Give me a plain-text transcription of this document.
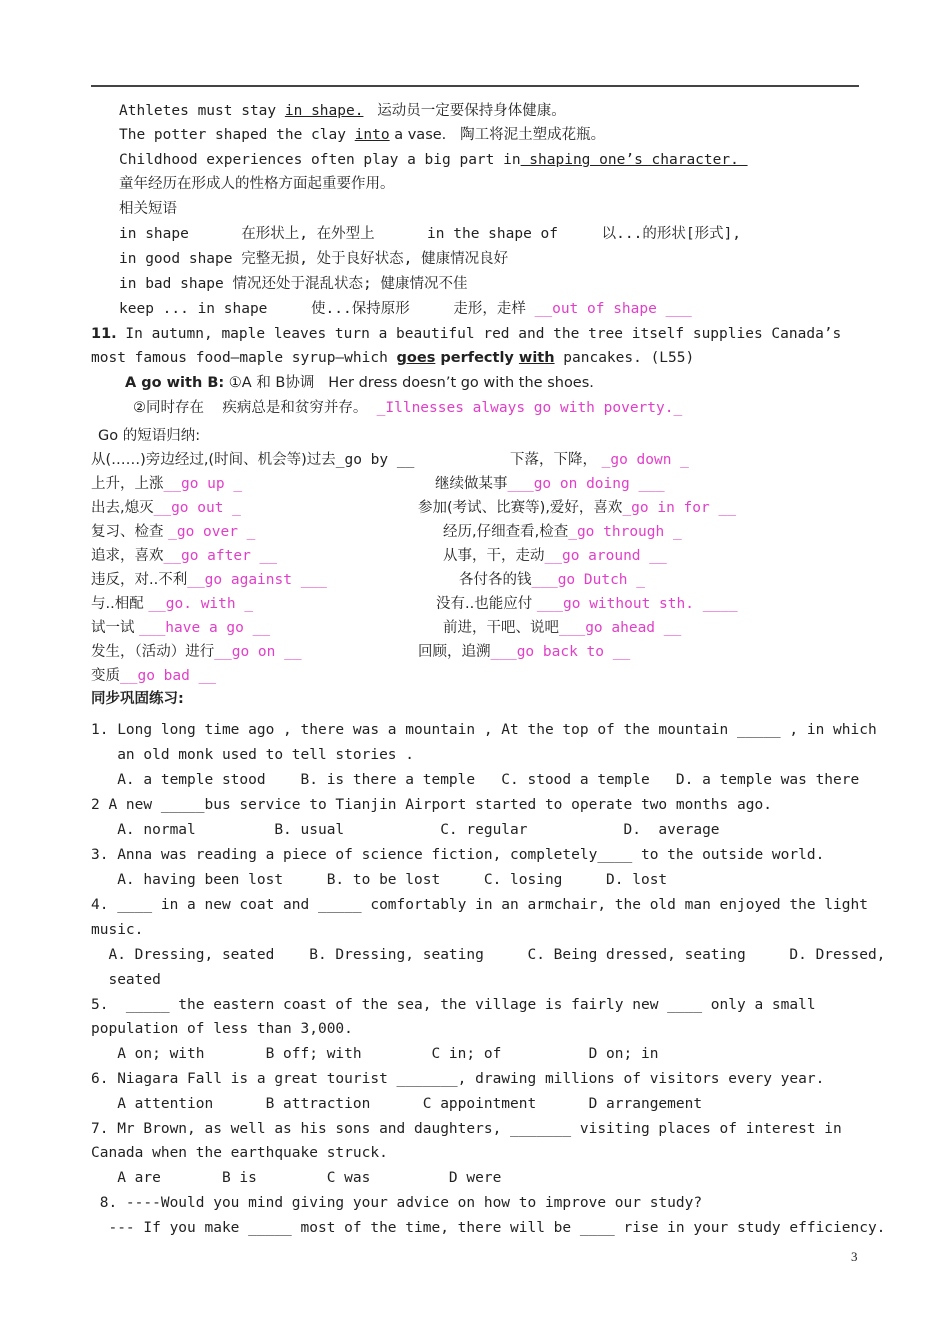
Athletes must stay in shape.   运动员一定要保持身体健康。
The potter shaped the clay into a vase.   陶工将泥土塑成花瓶。
Childhood experiences often play a big part in shaping one’s character.
童年经历在形成人的性格方面起重要作用。
相关短语
in shape      在形状上, 在外型上      in the shape of     以...的形状[形式],
in good shape 完整无损, 处于良好状态, 健康情况良好
in bad shape 情况还处于混乱状态; 健康情况不佳
keep ... in shape     使...保持原形     走形，走样 __out of shape ___
11. In autumn, maple leaves turn a beautiful red and the tree itself supplies Canada’s
most famous food—maple syrup—which goes perfectly with pancakes. (L55)
A go with B: ①A 和 B协调   Her dress doesn’t go with the shoes.
②同时存在    疾病总是和贫穷并存。  _Illnesses always go with poverty._
Go 的短语归纳:
从(……)旁边经过,(时间、机会等)过去_go by __
上升，上涨__go up _
出去,熄灭__go out _
复习、检查 _go over _
追求，喜欢__go after __
违反，对..不利__go against ___
与..相配 __go. with _
试一试 ___have a go __
发生，（活动）进行__go on __
变质__go bad __
下落，下降， _go down _
继续做某事___go on doing ___
参加(考试、比赛等),爱好，喜欢_go in for __
经历,仔细查看,检查_go through _
从事，干，走动__go around __
各付各的钱___go Dutch _
没有..也能应付 ___go without sth. ____
前进，干吧、说吧___go ahead __
回顾，追溯___go back to __
同步巩固练习:
1. Long long time ago , there was a mountain , At the top of the mountain _____ , in which
an old monk used to tell stories .
A. a temple stood    B. is there a temple   C. stood a temple   D. a temple was there
2 A new _____bus service to Tianjin Airport started to operate two months ago.
A. normal         B. usual           C. regular           D.  average
3. Anna was reading a piece of science fiction, completely____ to the outside world.
A. having been lost     B. to be lost     C. losing     D. lost
4. ____ in a new coat and _____ comfortably in an armchair, the old man enjoyed the light
music.
A. Dressing, seated    B. Dressing, seating     C. Being dressed, seating     D. Dressed,
seated
5.  _____ the eastern coast of the sea, the village is fairly new ____ only a small
population of less than 3,000.
A on; with       B off; with        C in; of          D on; in
6. Niagara Fall is a great tourist _______, drawing millions of visitors every year.
A attention      B attraction      C appointment      D arrangement
7. Mr Brown, as well as his sons and daughters, _______ visiting places of interest in
Canada when the earthquake struck.
A are       B is        C was         D were
8. ----Would you mind giving your advice on how to improve our study?
--- If you make _____ most of the time, there will be ____ rise in your study efficiency.
3
